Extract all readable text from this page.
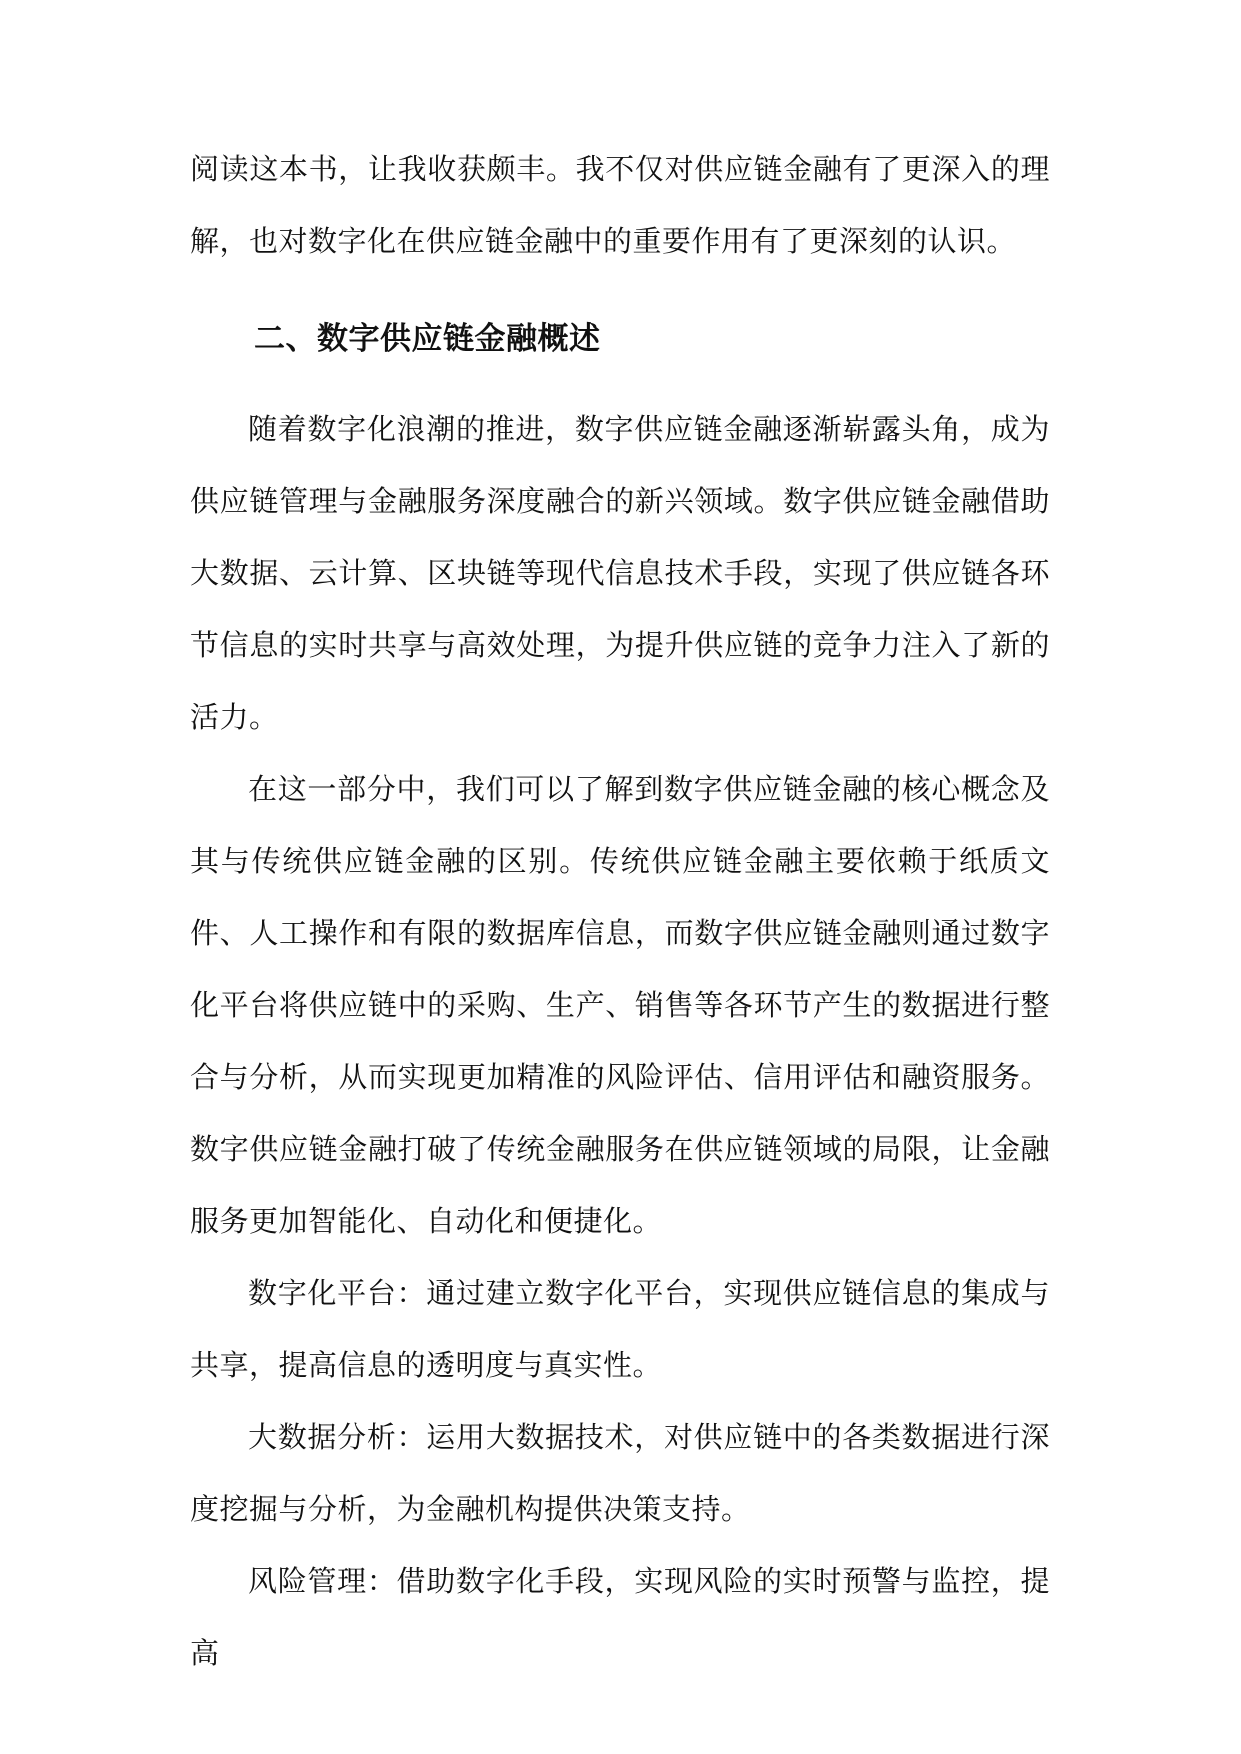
阅读这本书，让我收获颇丰。我不仅对供应链金融有了更深入的理解，也对数字化在供应链金融中的重要作用有了更深刻的认识。

二、数字供应链金融概述

随着数字化浪潮的推进，数字供应链金融逐渐崭露头角，成为供应链管理与金融服务深度融合的新兴领域。数字供应链金融借助大数据、云计算、区块链等现代信息技术手段，实现了供应链各环节信息的实时共享与高效处理，为提升供应链的竞争力注入了新的活力。

在这一部分中，我们可以了解到数字供应链金融的核心概念及其与传统供应链金融的区别。传统供应链金融主要依赖于纸质文件、人工操作和有限的数据库信息，而数字供应链金融则通过数字化平台将供应链中的采购、生产、销售等各环节产生的数据进行整合与分析，从而实现更加精准的风险评估、信用评估和融资服务。数字供应链金融打破了传统金融服务在供应链领域的局限，让金融服务更加智能化、自动化和便捷化。

数字化平台：通过建立数字化平台，实现供应链信息的集成与共享，提高信息的透明度与真实性。

大数据分析：运用大数据技术，对供应链中的各类数据进行深度挖掘与分析，为金融机构提供决策支持。

风险管理：借助数字化手段，实现风险的实时预警与监控，提高
